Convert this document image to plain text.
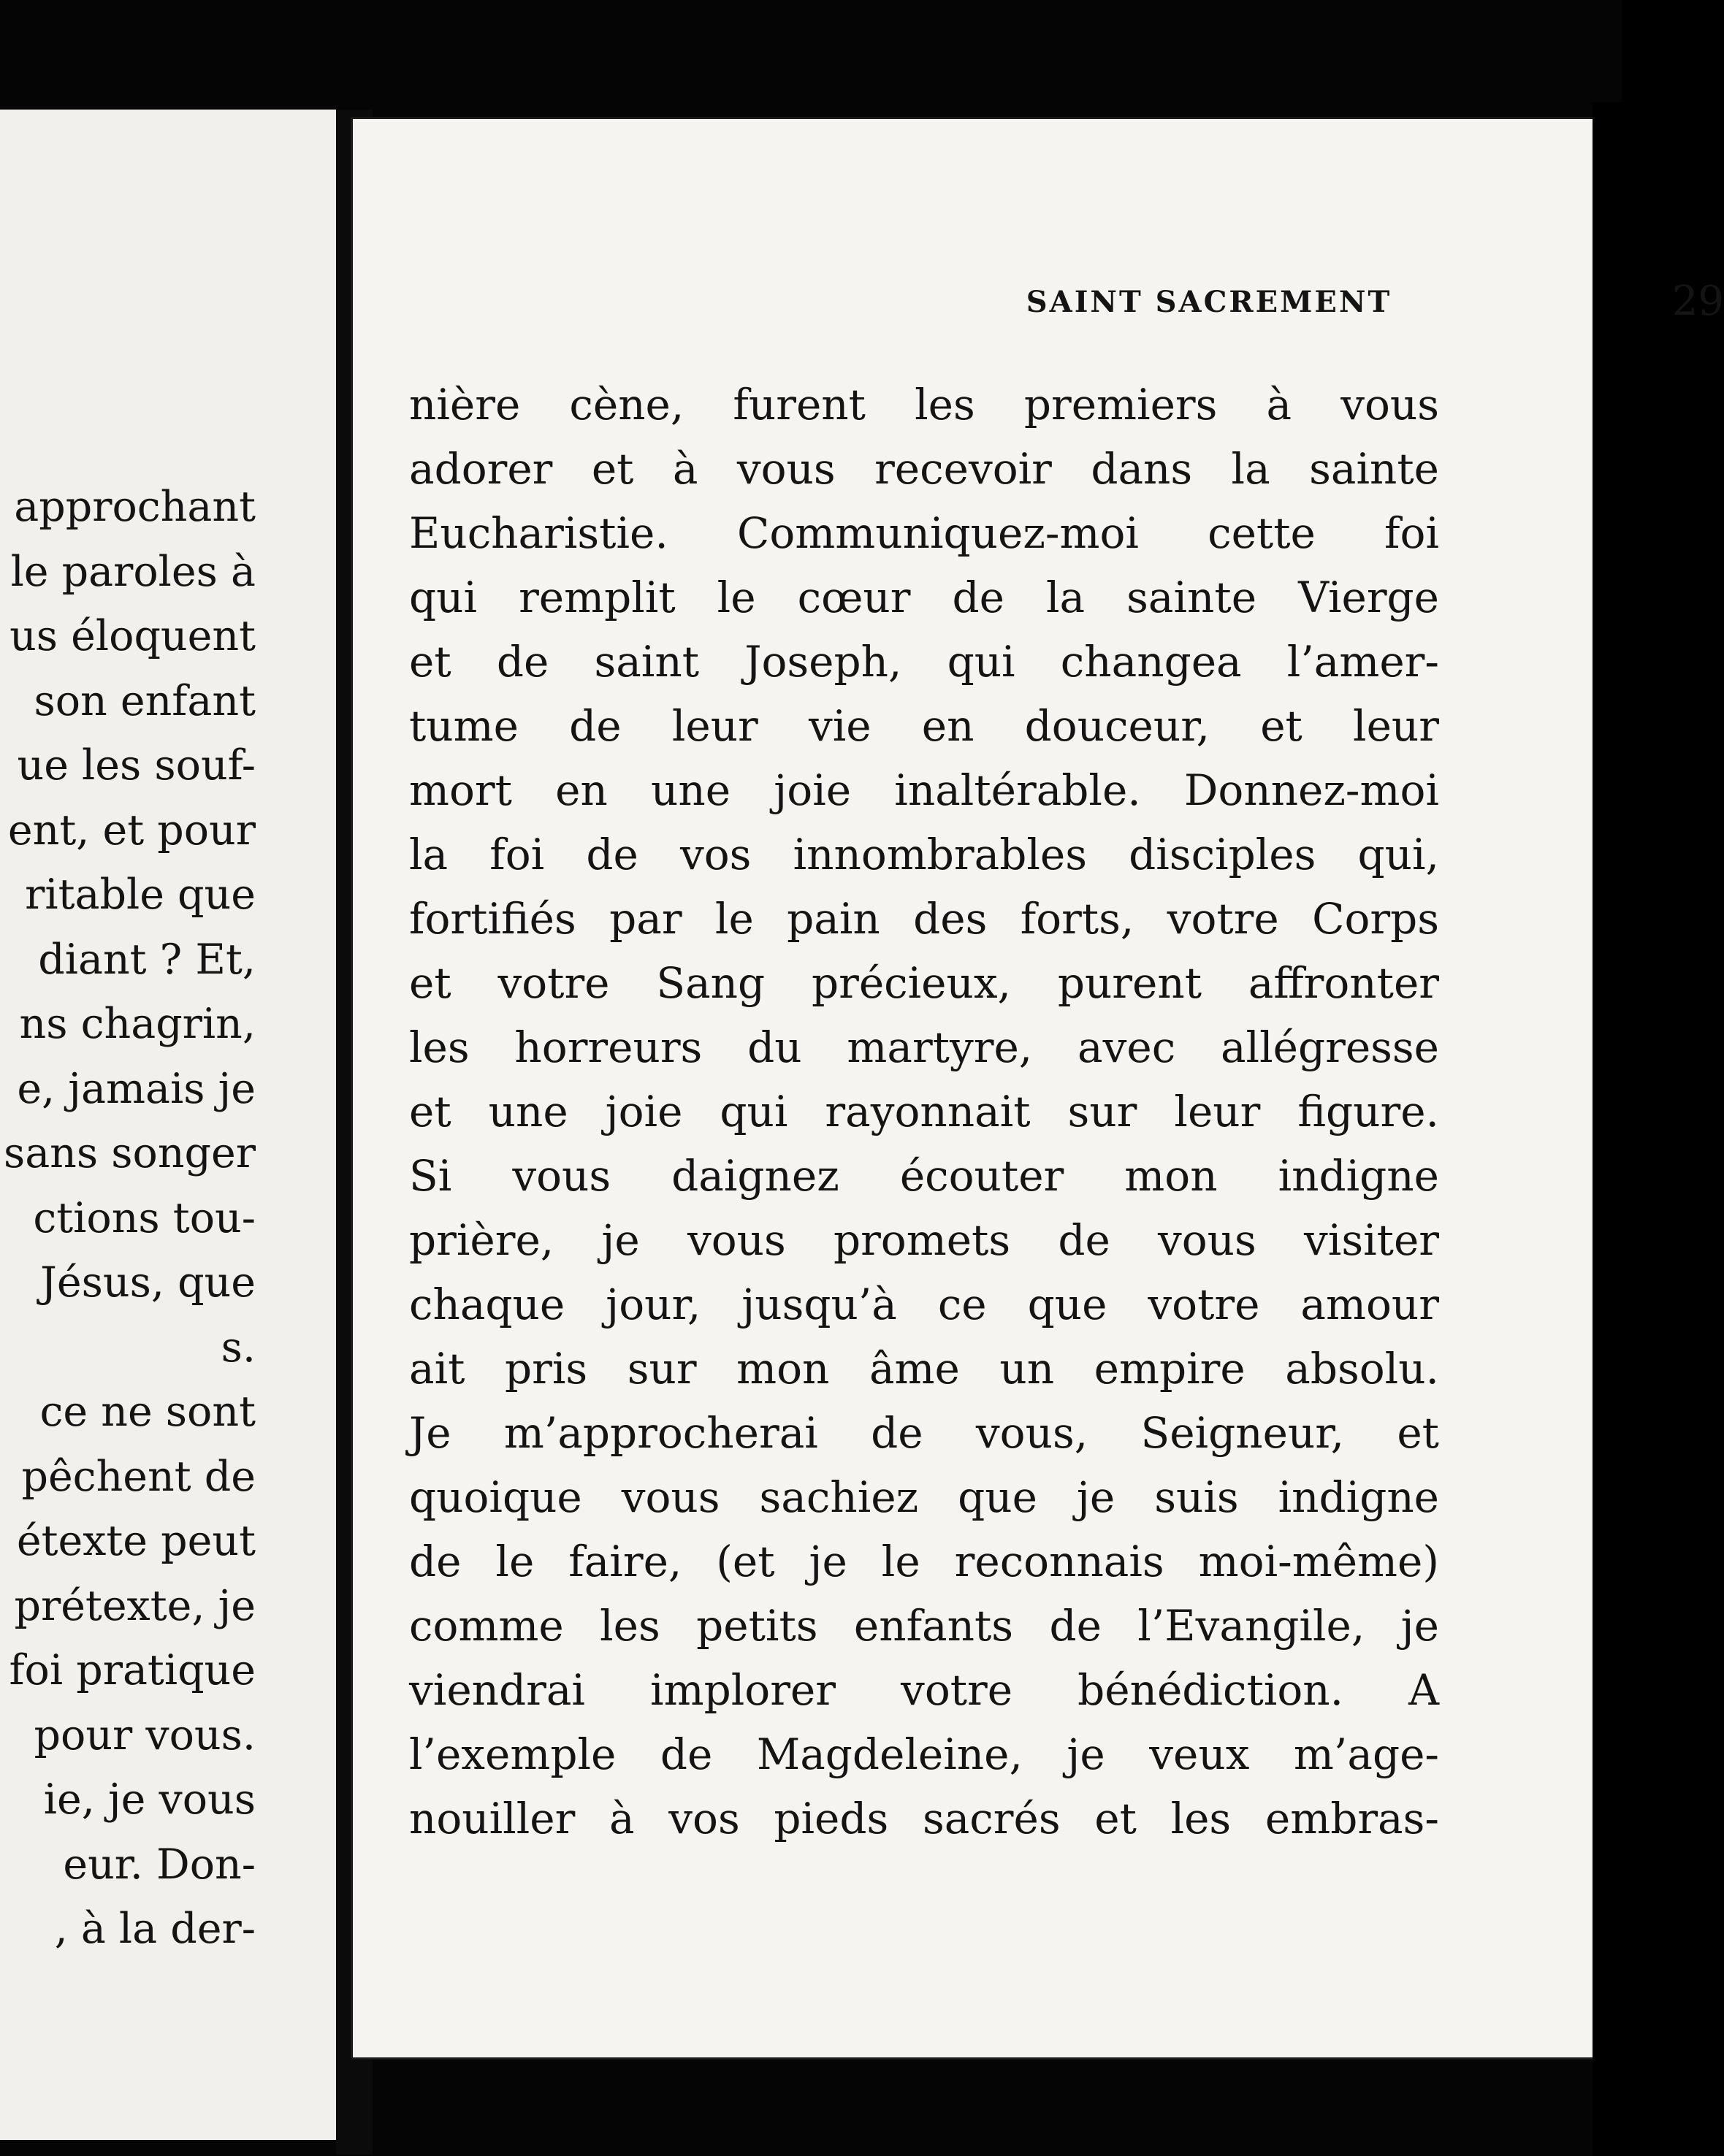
approchant
le paroles à
us éloquent
son enfant
ue les souf-
ent, et pour
ritable que
diant ? Et,
ns chagrin,
e, jamais je
sans songer
ctions tou-
Jésus, que
s.
ce ne sont
pêchent de
étexte peut
prétexte, je
foi pratique
pour vous.
ie, je vous
eur. Don-
, à la der-
SAINT SACREMENT	29
nière cène, furent les premiers à vous
adorer et à vous recevoir dans la sainte
Eucharistie. Communiquez-moi cette foi
qui remplit le cœur de la sainte Vierge
et de saint Joseph, qui changea l’amer-
tume de leur vie en douceur, et leur
mort en une joie inaltérable. Donnez-moi
la foi de vos innombrables disciples qui,
fortifiés par le pain des forts, votre Corps
et votre Sang précieux, purent affronter
les horreurs du martyre, avec allégresse
et une joie qui rayonnait sur leur figure.
Si vous daignez écouter mon indigne
prière, je vous promets de vous visiter
chaque jour, jusqu’à ce que votre amour
ait pris sur mon âme un empire absolu.
Je m’approcherai de vous, Seigneur, et
quoique vous sachiez que je suis indigne
de le faire, (et je le reconnais moi-même)
comme les petits enfants de l’Evangile, je
viendrai implorer votre bénédiction. A
l’exemple de Magdeleine, je veux m’age-
nouiller à vos pieds sacrés et les embras-
